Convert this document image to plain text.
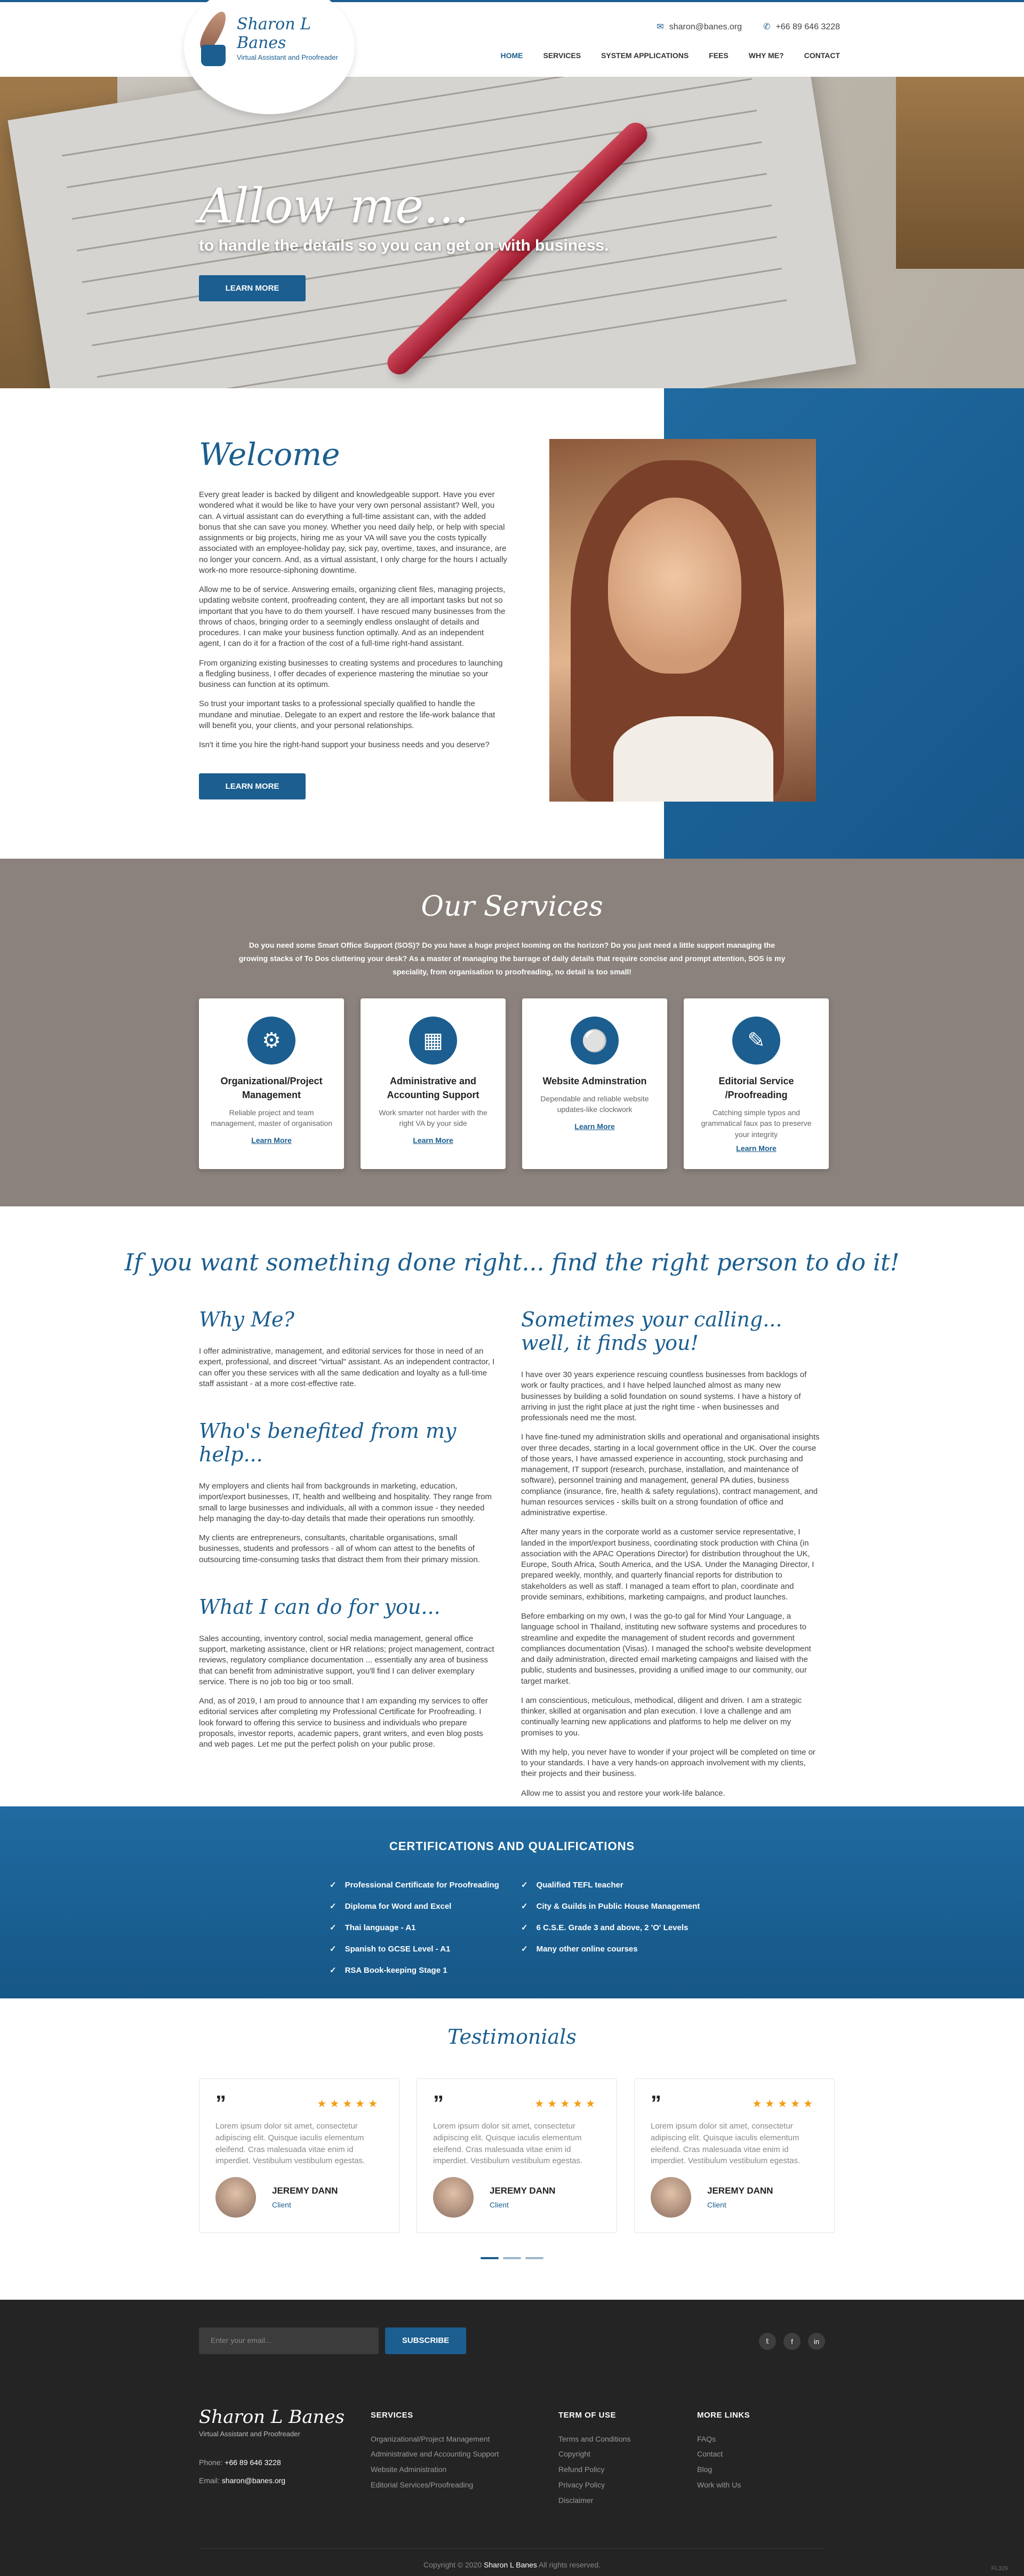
Sharon L Banes
Virtual Assistant and Proofreader
✉ sharon@banes.org	✆ +66 89 646 3228
HOME	SERVICES	SYSTEM APPLICATIONS	FEES	WHY ME?	CONTACT
Allow me...
to handle the details so you can get on with business.
LEARN MORE
Welcome

Every great leader is backed by diligent and knowledgeable support. Have you ever wondered what it would be like to have your very own personal assistant? Well, you can. A virtual assistant can do everything a full-time assistant can, with the added bonus that she can save you money. Whether you need daily help, or help with special assignments or big projects, hiring me as your VA will save you the costs typically associated with an employee-holiday pay, sick pay, overtime, taxes, and insurance, are no longer your concern. And, as a virtual assistant, I only charge for the hours I actually work-no more resource-siphoning downtime.

Allow me to be of service. Answering emails, organizing client files, managing projects, updating website content, proofreading content, they are all important tasks but not so important that you have to do them yourself. I have rescued many businesses from the throws of chaos, bringing order to a seemingly endless onslaught of details and procedures. I can make your business function optimally. And as an independent agent, I can do it for a fraction of the cost of a full-time right-hand assistant.

From organizing existing businesses to creating systems and procedures to launching a fledgling business, I offer decades of experience mastering the minutiae so your business can function at its optimum.

So trust your important tasks to a professional specially qualified to handle the mundane and minutiae. Delegate to an expert and restore the life-work balance that will benefit you, your clients, and your personal relationships.

Isn't it time you hire the right-hand support your business needs and you deserve?

LEARN MORE
Our Services

Do you need some Smart Office Support (SOS)? Do you have a huge project looming on the horizon? Do you just need a little support managing the growing stacks of To Dos cluttering your desk? As a master of managing the barrage of daily details that require concise and prompt attention, SOS is my speciality, from organisation to proofreading, no detail is too small!

⚙
Organizational/Project Management

Reliable project and team management, master of organisation

Learn More
▦
Administrative and Accounting Support

Work smarter not harder with the right VA by your side

Learn More
⚪
Website Adminstration

Dependable and reliable website updates-like clockwork

Learn More
✎
Editorial Service /Proofreading

Catching simple typos and grammatical faux pas to preserve your integrity

Learn More
If you want something done right... find the right person to do it!
Why Me?

I offer administrative, management, and editorial services for those in need of an expert, professional, and discreet "virtual" assistant. As an independent contractor, I can offer you these services with all the same dedication and loyalty as a full-time staff assistant - at a more cost-effective rate.

Who's benefited from my help...

My employers and clients hail from backgrounds in marketing, education, import/export businesses, IT, health and wellbeing and hospitality. They range from small to large businesses and individuals, all with a common issue - they needed help managing the day-to-day details that made their operations run smoothly.

My clients are entrepreneurs, consultants, charitable organisations, small businesses, students and professors - all of whom can attest to the benefits of outsourcing time-consuming tasks that distract them from their primary mission.

What I can do for you...

Sales accounting, inventory control, social media management, general office support, marketing assistance, client or HR relations; project management, contract reviews, regulatory compliance documentation ... essentially any area of business that can benefit from administrative support, you'll find I can deliver exemplary service. There is no job too big or too small.

And, as of 2019, I am proud to announce that I am expanding my services to offer editorial services after completing my Professional Certificate for Proofreading. I look forward to offering this service to business and individuals who prepare proposals, investor reports, academic papers, grant writers, and even blog posts and web pages. Let me put the perfect polish on your public prose.

Sometimes your calling... well, it finds you!

I have over 30 years experience rescuing countless businesses from backlogs of work or faulty practices, and I have helped launched almost as many new businesses by building a solid foundation on sound systems. I have a history of arriving in just the right place at just the right time - when businesses and professionals need me the most.

I have fine-tuned my administration skills and operational and organisational insights over three decades, starting in a local government office in the UK. Over the course of those years, I have amassed experience in accounting, stock purchasing and management, IT support (research, purchase, installation, and maintenance of software), personnel training and management, general PA duties, business compliance (insurance, fire, health & safety regulations), contract management, and human resources services - skills built on a strong foundation of office and administrative expertise.

After many years in the corporate world as a customer service representative, I landed in the import/export business, coordinating stock production with China (in association with the APAC Operations Director) for distribution throughout the UK, Europe, South Africa, South America, and the USA. Under the Managing Director, I prepared weekly, monthly, and quarterly financial reports for distribution to stakeholders as well as staff. I managed a team effort to plan, coordinate and provide seminars, exhibitions, marketing campaigns, and product launches.

Before embarking on my own, I was the go-to gal for Mind Your Language, a language school in Thailand, instituting new software systems and procedures to streamline and expedite the management of student records and government compliances documentation (Visas). I managed the school's website development and daily administration, directed email marketing campaigns and liaised with the public, students and businesses, providing a unified image to our community, our target market.

I am conscientious, meticulous, methodical, diligent and driven. I am a strategic thinker, skilled at organisation and plan execution. I love a challenge and am continually learning new applications and platforms to help me deliver on my promises to you.

With my help, you never have to wonder if your project will be completed on time or to your standards. I have a very hands-on approach involvement with my clients, their projects and their business.

Allow me to assist you and restore your work-life balance.

CERTIFICATIONS AND QUALIFICATIONS
✓ Professional Certificate for Proofreading
✓ Diploma for Word and Excel
✓ Thai language - A1
✓ Spanish to GCSE Level - A1
✓ RSA Book-keeping Stage 1
✓ Qualified TEFL teacher
✓ City & Guilds in Public House Management
✓ 6 C.S.E. Grade 3 and above, 2 'O' Levels
✓ Many other online courses
Testimonials
”	★★★★★

Lorem ipsum dolor sit amet, consectetur adipiscing elit. Quisque iaculis elementum eleifend. Cras malesuada vitae enim id imperdiet. Vestibulum vestibulum egestas.

JEREMY DANN
Client
”	★★★★★

Lorem ipsum dolor sit amet, consectetur adipiscing elit. Quisque iaculis elementum eleifend. Cras malesuada vitae enim id imperdiet. Vestibulum vestibulum egestas.

JEREMY DANN
Client
”	★★★★★

Lorem ipsum dolor sit amet, consectetur adipiscing elit. Quisque iaculis elementum eleifend. Cras malesuada vitae enim id imperdiet. Vestibulum vestibulum egestas.

JEREMY DANN
Client
Enter your email...	SUBSCRIBE	𝕥	f	in
Sharon L Banes
Virtual Assistant and Proofreader
Phone: +66 89 646 3228
Email: sharon@banes.org
SERVICES
Organizational/Project Management
Administrative and Accounting Support
Website Administration
Editorial Services/Proofreading
TERM OF USE
Terms and Conditions
Copyright
Refund Policy
Privacy Policy
Disclaimer
MORE LINKS
FAQs
Contact
Blog
Work with Us
Copyright © 2020 Sharon L Banes All rights reserved.	FL329
